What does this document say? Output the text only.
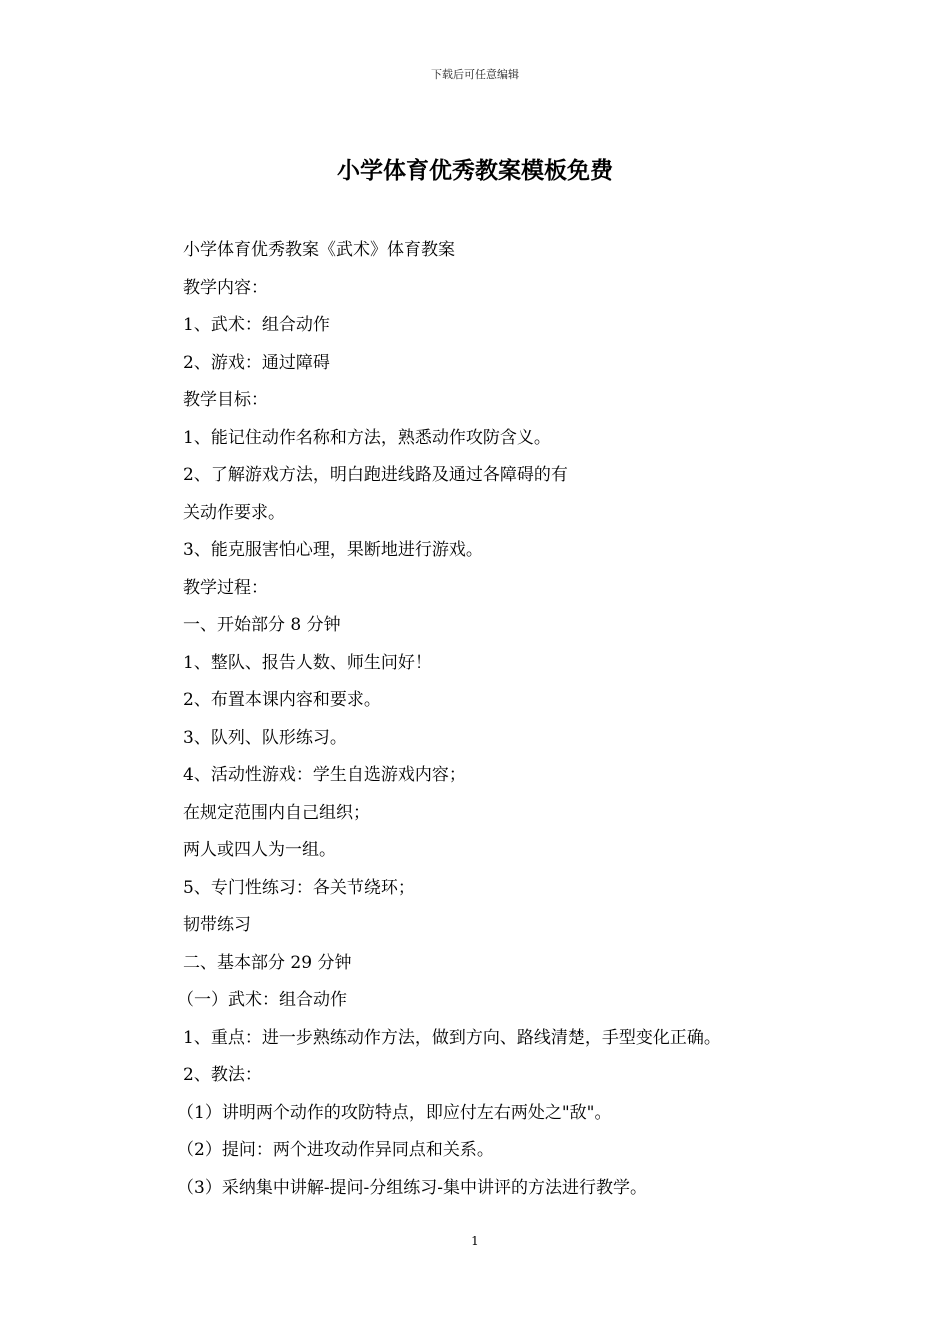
下载后可任意编辑
小学体育优秀教案模板免费
小学体育优秀教案《武术》体育教案
教学内容：
1、武术：组合动作
2、游戏：通过障碍
教学目标：
1、能记住动作名称和方法，熟悉动作攻防含义。
2、了解游戏方法，明白跑进线路及通过各障碍的有
关动作要求。
3、能克服害怕心理，果断地进行游戏。
教学过程：
一、开始部分 8 分钟
1、整队、报告人数、师生问好！
2、布置本课内容和要求。
3、队列、队形练习。
4、活动性游戏：学生自选游戏内容；
在规定范围内自己组织；
两人或四人为一组。
5、专门性练习：各关节绕环；
韧带练习
二、基本部分 29 分钟
（一）武术：组合动作
1、重点：进一步熟练动作方法，做到方向、路线清楚，手型变化正确。
2、教法：
（1）讲明两个动作的攻防特点，即应付左右两处之"敌"。
（2）提问：两个进攻动作异同点和关系。
（3）采纳集中讲解-提问-分组练习-集中讲评的方法进行教学。
1
